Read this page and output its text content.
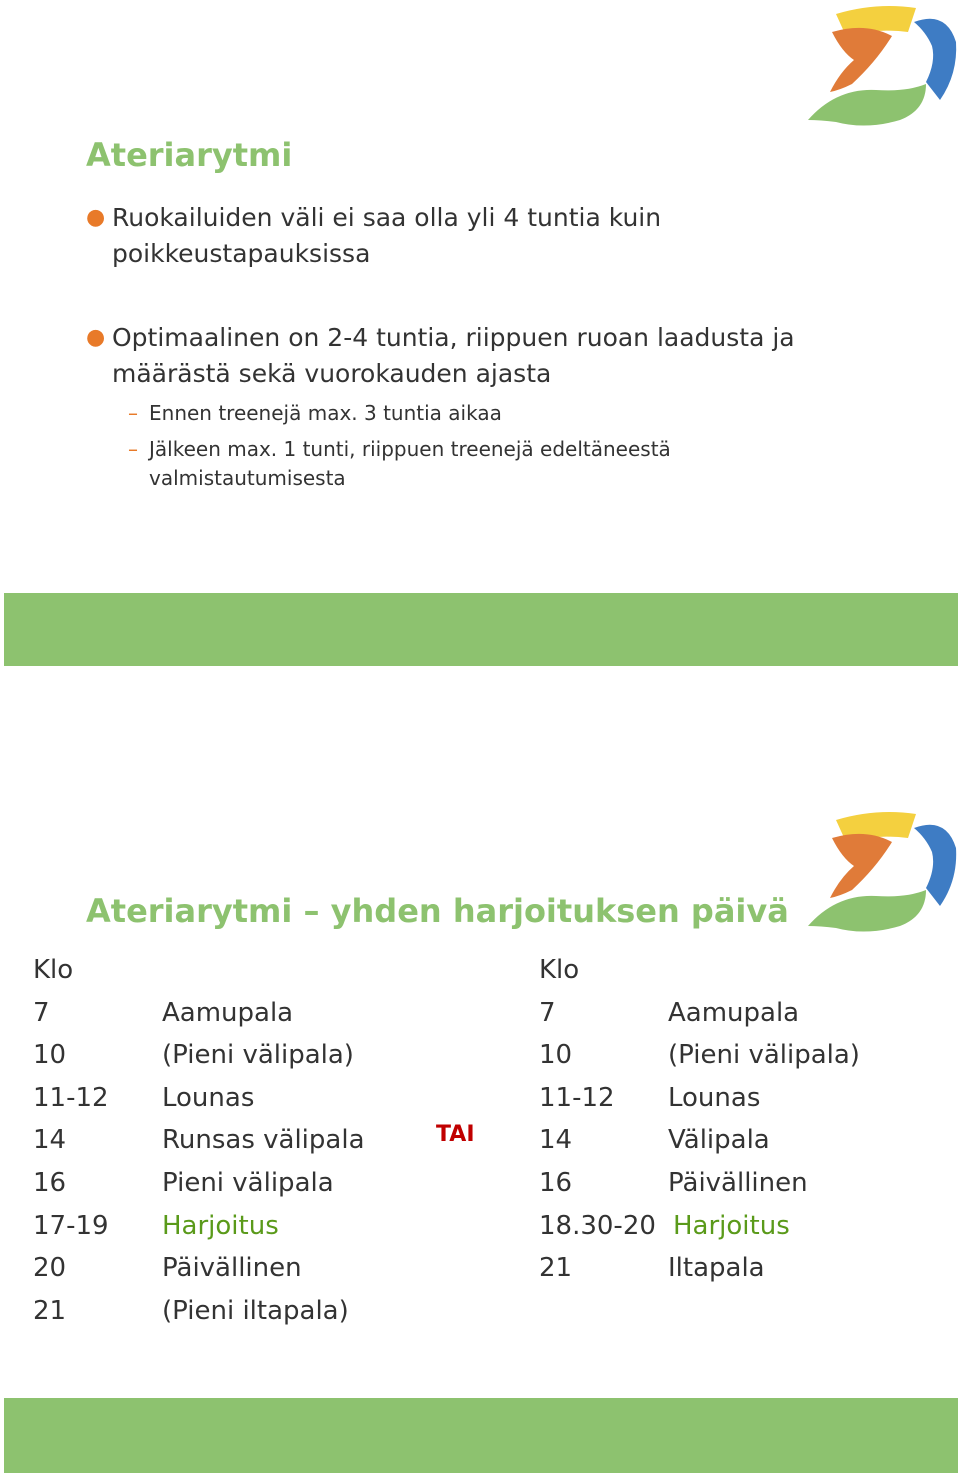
Ateriarytmi
● Ruokailuiden väli ei saa olla yli 4 tuntia kuin poikkeustapauksissa
● Optimaalinen on 2-4 tuntia, riippuen ruoan laadusta ja määrästä sekä vuorokauden ajasta
– Ennen treenejä max. 3 tuntia aikaa
– Jälkeen max. 1 tunti, riippuen treenejä edeltäneestä valmistautumisesta
Ateriarytmi – yhden harjoituksen päivä
Klo
7	Aamupala
10	(Pieni välipala)
11-12 Lounas
14	Runsas välipala
16	Pieni välipala
17-19 Harjoitus
20	Päivällinen
21	(Pieni iltapala)
TAI
Klo
7	Aamupala
10	(Pieni välipala)
11-12 Lounas
14	Välipala
16	Päivällinen
18.30-20 Harjoitus
21	Iltapala
